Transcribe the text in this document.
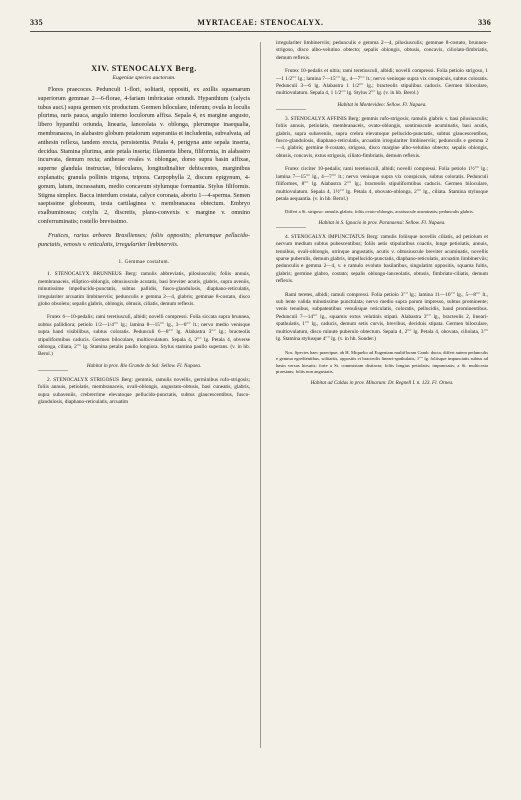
335	MYRTACEAE: STENOCALYX.	336

XIV. STENOCALYX Berg.

Eugeniae species auctorum.

Flores praecoces. Pedunculi 1-flori, solitarii, oppositi, ex axillis squamarum superiorum gemmae 2—6-florae, 4-fariam imbricatae oriundi. Hypanthium (calycis tubus auct.) supra germen vix productum. Germen biloculare, inferum; ovula in loculis plurima, raris pauca, angulo interno loculorum affixa. Sepala 4, ex margine angusto, libero hypanthii oriunda, linearia, lanceolata v. oblonga, plerumque inaequalia, membranacea, in alabastro globum petalorum superantia et includentia, subvalvata, ad anthesin reflexa, tandem erecta, persistentia. Petala 4, perigyna ante sepala inserta, decidua. Stamina plurima, ante petala inserta; filamenta libera, filiformia, in alabastro incurvata, demum recta; antherae ovales v. oblongae, dorso supra basin affixae, superne glandula instructae, biloculares, longitudinaliter dehiscentes, marginibus explanatis; granula pollinis trigona, tripora. Carpophylla 2, discum epigynum, 4-gonum, latum, incrassatum, medio concavum stylumque formantia. Stylus filiformis. Stigma simplex. Bacca interdum costata, calyce coronata, abortu 1—4-sperma. Semen saepissime globosum, testa cartilaginea v. membranacea obtectum. Embryo exalbuminosus; cotylis 2, discretis, plano-convexis v. margine v. omnino conferruminatis; rostello brevissimo.

Frutices, rarius arbores Brasilienses; foliis oppositis; plerumque pellucido-punctatis, venosis v. reticulatis, irregulariter limbinerviis.

1. Gemmae costatum.

1. STENOCALYX BRUNNEUS Berg: ramulis abbreviatis, pilosiusculis; foliis annuis, membranaceis, elliptico-oblongis, obtusiuscule acutatis, basi breviter acutis, glabris, supra aveniis, minutissime impellucido-punctatis, subtus pallidis, fusco-glandulosis, diaphano-reticulatis, irregulariter arcuatim limbinerviis; pedunculis e gemma 2—4, glabris; gemmae 8-costato, disco globo obsoleto; sepalis glabris, oblongis, obtusis, ciliatis, demum reflexis.

Frutex 6—10-pedalis; rami teretiusculi, albidi; novelli compressi. Folia siccata supra brunnea, subtus pallidiora; petiolo 1/2—1/4″″ lg.; lamina 8—15″″ lg., 3—6″″ lt.; nervo medio venisque supra hand visibilibus, subtus coloratis. Pedunculi 6—8″″ lg. Alabastra 3″″ lg.; bracteolis stipuliformibus caducis. Germen biloculare, multiovulatum. Sepala 4, 2″″ lg. Petala 4, obverse oblonga, ciliata, 2″″ lg. Stamina petalis paullo longiora. Stylus stamina paullo superans. (v. in hb. Berol.)

Habitat in prov. Rio Grande do Sul: Sellow. Fl. Napaea.

2. STENOCALYX STRIGOSUS Berg: gemmis, ramulis novellis, germinibus rufo-strigosis; foliis annuis, petiolatis, membranaceis, ovali-oblongis, angustato-obtusis, basi cuneatis, glabris, supra subaveniis, crebrerrime elevatoque pellucido-punctatis, subtus glaucescentibus, fusco-glandulosis, diaphano-reticulatis, arcuatim

irregulariter limbinerviis; pedunculis e gemma 2—4, pilosiusculis; gemmae 8-costato, brunneo-strigoso, disco albo-velutino obtecto; sepalis oblongis, obtusis, concavis, ciliolato-fimbriatis, demum reflexis.

Frutex 10-pedalis et ultra; rami teretiusculi, albidi; novelli compressi. Folia petiolo strigoso, 1—1 1/2″″ lg.; lamina 7—15″″ lg., 4—7″″ lt.; nervo venisque supra vix conspicuis, subtus coloratis. Pedunculi 3—6 lg. Alabastra 1 1/2″″ lg.; bracteolis stipulibus caducis. Germen biloculare, multiovulatum. Sepala 4, 1 1/2″″ lg. Stylus 2″″ lg. (v. in hb. Berol.)

Habitat in Montevideo: Sellow. Fl. Napaea.

3. STENOCALYX AFFINIS Berg: gemmis rufo-strigosis; ramulis glabris v. basi pilosiusculis; foliis annuis, petiolatis, membranaceis, ovato-oblongis, sontinuscule acuminatis, basi acutis, glabris, supra subaveniis, supra crebra elevatoque pellucido-punctatis, subtus glaucescentibus, fusco-glandulosis, diaphano-reticulatis, arcuatim irregulariter limbinerviis; pedunculis e gemma 2—4, glabris; germine 8-costato, strigoso, disco margine albo-velutino obtecto; sepalis oblongis, obtusis, concavis, extus strigosis, ciliato-fimbriatis, demum reflexis.

Frutex circiter 10-pedalis; rami teretiusculi, albidi; novelli compressi. Folia petiolo 1½″″ lg.; lamina 7—15″″ lg., 4—7″″ lt.; nervo venisque supra vix conspicuis, subtus coloratis. Pedunculi filiformes, 8″″ lg. Alabastra 2″″ lg.; bracteolis stipuliformibus caducis. Germen biloculare, multiovulatum. Sepala 4, 1½″″ lg. Petala 4, obovato-oblonga, 2″″ lg., ciliata. Stamina stylusque petala aequantia. (v. in hb. Berol.)

Differt a St. strigoso: ramulis glabris; foliis ovato-oblongis, acutiuscule acuminatis; pedunculis glabris.

Habitat in S. Ignacio in prov. Paranaensi: Sellow. Fl. Napaea.

4. STENOCALYX IMPUNCTATUS Berg: ramulis foliisque novellis ciliatis, ad petiolum et nervum medium subtus pubescentibus; foliis aetis stipularibus coactis, longe petiolatis, annuis, tenuibus, ovali-oblongis, utrinque angustatis, acutis v. obtusiuscule breviter acuminatis, novellis sparse puberulis, demum glabris, impellucido-punctatis, diaphano-reticulatis, arcuatim limbinerviis; pedunculis e gemma 2—4, v. e ramulo evoluto basilaribus, singulatim oppositis, squama fultis, glabris; germine glabro, costato; sepalis oblongo-lanceolatis, obtusis, fimbriato-ciliatis, demum reflexis.

Rami teretes, albidi; ramuli compressi. Folia petiolo 3″″ lg.; lamina 11—16″″ lg., 5—8″″ lt., sub lente valida minutissime punctulata; nervo medio supra parum impresso, subtus prominente; venis tenuibus, subpatentibus venulisque reticulatis, coloratis, pellucidis, haud prominentibus. Pedunculi 7—14″″ lg., squamis extus velutinis stipati. Alabastra 3″″ lg., bracteolis 2, lineari-spathulatis, 1″″ lg., caducis, demum setis curvis, brevibus, deciduis stipata. Germen biloculare, multiovulatum, disco minute puberulo obtectum. Sepala 4, 2″″ lg. Petala 4, obovata, ciliolata, 3″″ lg. Stamina stylusque 4″″ lg. (v. in hb. Sonder.)

Nos. Species haec praecipue, ab H. Miquelio ad Eugeniam multifloram Camb. ducta, differt autem pedunculis e gemma egredientibus, solitariis, oppositis et bracteolis lineari-spathulatis, 1″″ lg. foliisque impunctatis subtus ad basin versus hirsutis; forte a St. commixtam distincta; foliis longius petiolatis; impunctatis; a St. multicosta praestans; foliis non angustatis.

Habitat ad Caldas in prov. Minarum: Dr. Regnell I. n. 123. Fl. Ornea.
